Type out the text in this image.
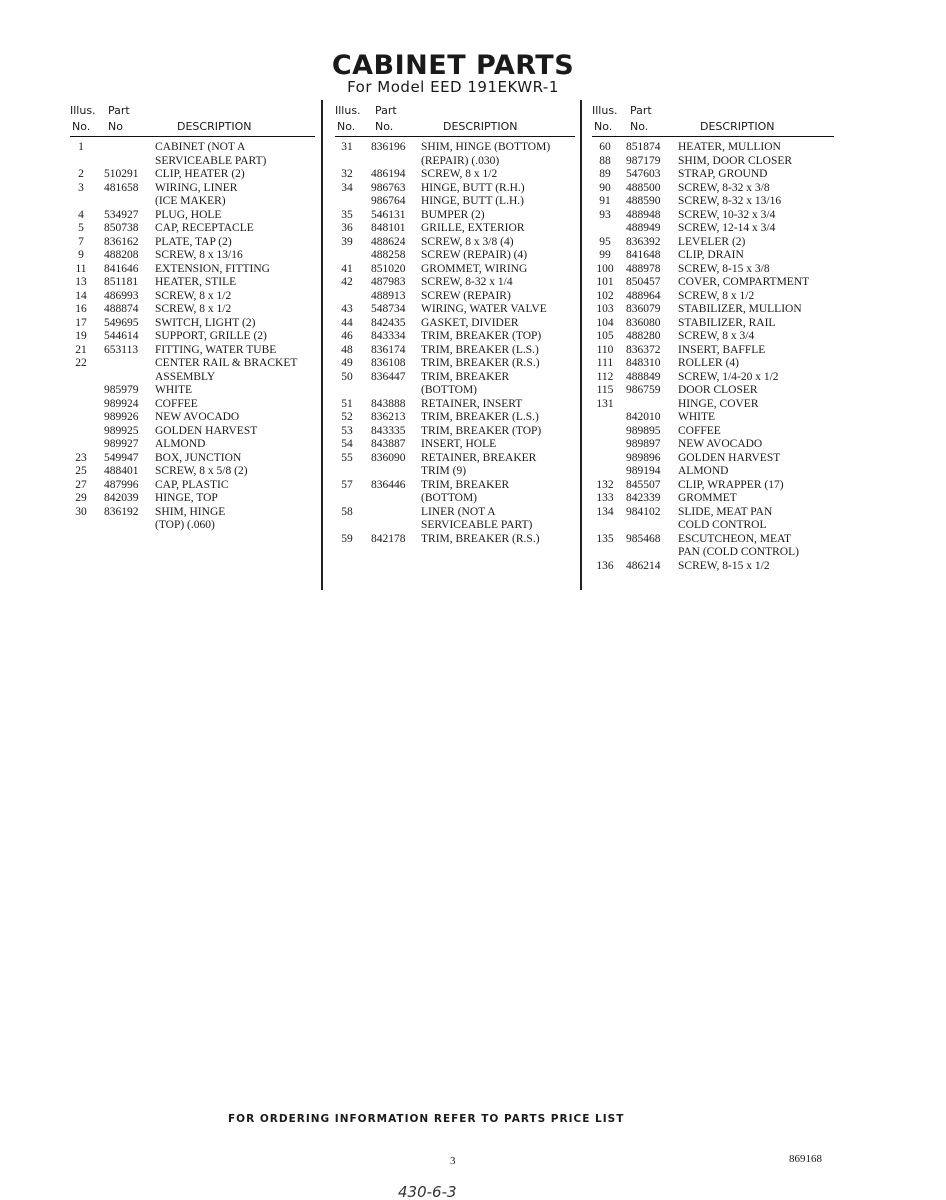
CABINET PARTS
For Model EED 191EKWR-1
Illus. Part
No. No	DESCRIPTION
1	CABINET (NOT A
SERVICEABLE PART)
2	510291 CLIP, HEATER (2)
3	481658 WIRING, LINER
(ICE MAKER)
4	534927 PLUG, HOLE
5	850738 CAP, RECEPTACLE
7	836162 PLATE, TAP (2)
9	488208 SCREW, 8 x 13/16
11	841646 EXTENSION, FITTING
13	851181 HEATER, STILE
14	486993 SCREW, 8 x 1/2
16	488874 SCREW, 8 x 1/2
17	549695 SWITCH, LIGHT (2)
19	544614 SUPPORT, GRILLE (2)
21	653113 FITTING, WATER TUBE
22	CENTER RAIL & BRACKET
ASSEMBLY
985979 WHITE
989924 COFFEE
989926 NEW AVOCADO
989925 GOLDEN HARVEST
989927 ALMOND
23	549947 BOX, JUNCTION
25	488401 SCREW, 8 x 5/8 (2)
27	487996 CAP, PLASTIC
29	842039 HINGE, TOP
30	836192 SHIM, HINGE
(TOP) (.060)
Illus. Part
No. No.	DESCRIPTION
31	836196 SHIM, HINGE (BOTTOM)
(REPAIR) (.030)
32	486194 SCREW, 8 x 1/2
34	986763 HINGE, BUTT (R.H.)
986764 HINGE, BUTT (L.H.)
35	546131 BUMPER (2)
36	848101 GRILLE, EXTERIOR
39	488624 SCREW, 8 x 3/8 (4)
488258 SCREW (REPAIR) (4)
41	851020 GROMMET, WIRING
42	487983 SCREW, 8-32 x 1/4
488913 SCREW (REPAIR)
43	548734 WIRING, WATER VALVE
44	842435 GASKET, DIVIDER
46	843334 TRIM, BREAKER (TOP)
48	836174 TRIM, BREAKER (L.S.)
49	836108 TRIM, BREAKER (R.S.)
50	836447 TRIM, BREAKER
(BOTTOM)
51	843888 RETAINER, INSERT
52	836213 TRIM, BREAKER (L.S.)
53	843335 TRIM, BREAKER (TOP)
54	843887 INSERT, HOLE
55	836090 RETAINER, BREAKER
TRIM (9)
57	836446 TRIM, BREAKER
(BOTTOM)
58	LINER (NOT A
SERVICEABLE PART)
59	842178 TRIM, BREAKER (R.S.)
Illus. Part
No. No.	DESCRIPTION
60	851874 HEATER, MULLION
88	987179 SHIM, DOOR CLOSER
89	547603 STRAP, GROUND
90	488500 SCREW, 8-32 x 3/8
91	488590 SCREW, 8-32 x 13/16
93	488948 SCREW, 10-32 x 3/4
488949 SCREW, 12-14 x 3/4
95	836392 LEVELER (2)
99	841648 CLIP, DRAIN
100	488978 SCREW, 8-15 x 3/8
101	850457 COVER, COMPARTMENT
102	488964 SCREW, 8 x 1/2
103	836079 STABILIZER, MULLION
104	836080 STABILIZER, RAIL
105	488280 SCREW, 8 x 3/4
110	836372 INSERT, BAFFLE
111	848310 ROLLER (4)
112	488849 SCREW, 1/4-20 x 1/2
115	986759 DOOR CLOSER
131	HINGE, COVER
842010 WHITE
989895 COFFEE
989897 NEW AVOCADO
989896 GOLDEN HARVEST
989194 ALMOND
132	845507 CLIP, WRAPPER (17)
133	842339 GROMMET
134	984102 SLIDE, MEAT PAN
COLD CONTROL
135	985468 ESCUTCHEON, MEAT
PAN (COLD CONTROL)
136	486214 SCREW, 8-15 x 1/2
FOR ORDERING INFORMATION REFER TO PARTS PRICE LIST
3	869168
430-6-3
